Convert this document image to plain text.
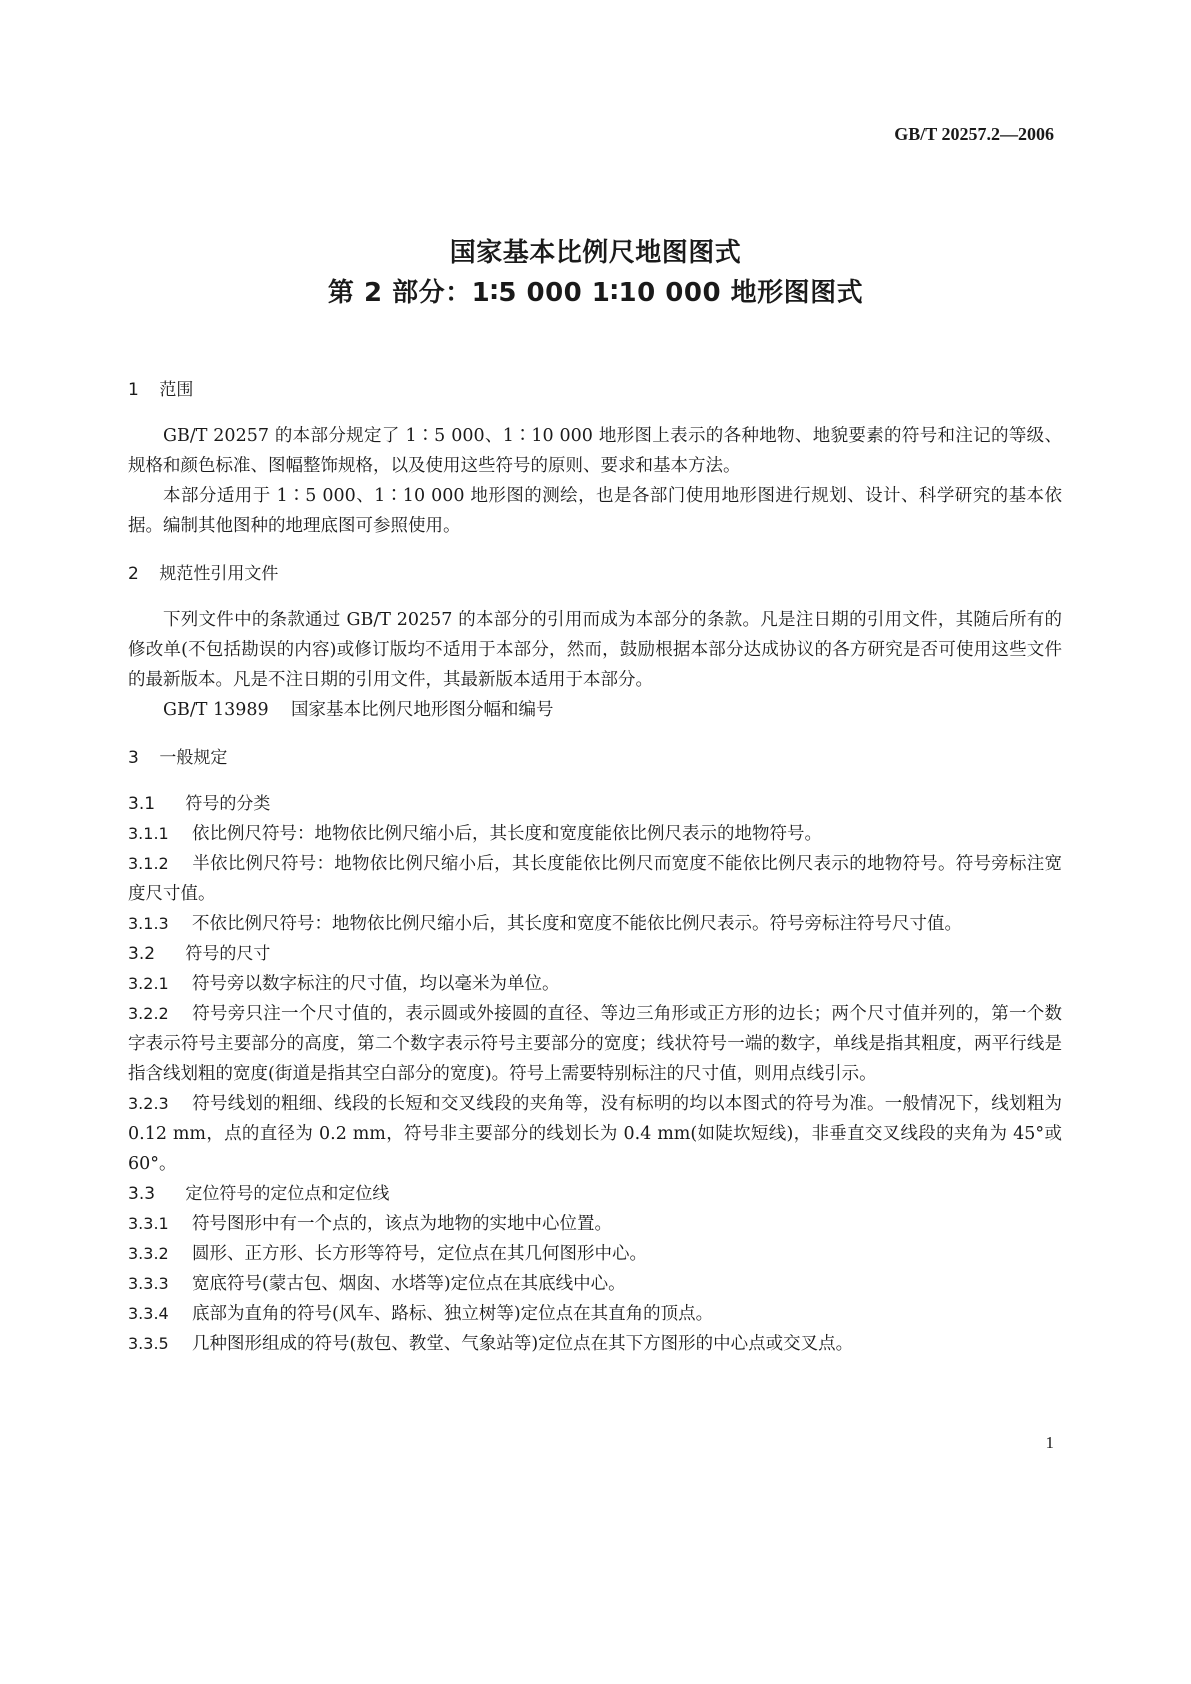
GB/T 20257.2—2006
国家基本比例尺地图图式
第 2 部分：1∶5 000 1∶10 000 地形图图式
1 范围

GB/T 20257 的本部分规定了 1∶5 000、1∶10 000 地形图上表示的各种地物、地貌要素的符号和注记的等级、规格和颜色标准、图幅整饰规格，以及使用这些符号的原则、要求和基本方法。

本部分适用于 1∶5 000、1∶10 000 地形图的测绘，也是各部门使用地形图进行规划、设计、科学研究的基本依据。编制其他图种的地理底图可参照使用。

2 规范性引用文件

下列文件中的条款通过 GB/T 20257 的本部分的引用而成为本部分的条款。凡是注日期的引用文件，其随后所有的修改单(不包括勘误的内容)或修订版均不适用于本部分，然而，鼓励根据本部分达成协议的各方研究是否可使用这些文件的最新版本。凡是不注日期的引用文件，其最新版本适用于本部分。

GB/T 13989 国家基本比例尺地形图分幅和编号

3 一般规定
3.1 符号的分类

3.1.1 依比例尺符号：地物依比例尺缩小后，其长度和宽度能依比例尺表示的地物符号。

3.1.2 半依比例尺符号：地物依比例尺缩小后，其长度能依比例尺而宽度不能依比例尺表示的地物符号。符号旁标注宽度尺寸值。

3.1.3 不依比例尺符号：地物依比例尺缩小后，其长度和宽度不能依比例尺表示。符号旁标注符号尺寸值。

3.2 符号的尺寸

3.2.1 符号旁以数字标注的尺寸值，均以毫米为单位。

3.2.2 符号旁只注一个尺寸值的，表示圆或外接圆的直径、等边三角形或正方形的边长；两个尺寸值并列的，第一个数字表示符号主要部分的高度，第二个数字表示符号主要部分的宽度；线状符号一端的数字，单线是指其粗度，两平行线是指含线划粗的宽度(街道是指其空白部分的宽度)。符号上需要特别标注的尺寸值，则用点线引示。

3.2.3 符号线划的粗细、线段的长短和交叉线段的夹角等，没有标明的均以本图式的符号为准。一般情况下，线划粗为 0.12 mm，点的直径为 0.2 mm，符号非主要部分的线划长为 0.4 mm(如陡坎短线)，非垂直交叉线段的夹角为 45°或 60°。

3.3 定位符号的定位点和定位线

3.3.1 符号图形中有一个点的，该点为地物的实地中心位置。

3.3.2 圆形、正方形、长方形等符号，定位点在其几何图形中心。

3.3.3 宽底符号(蒙古包、烟囱、水塔等)定位点在其底线中心。

3.3.4 底部为直角的符号(风车、路标、独立树等)定位点在其直角的顶点。

3.3.5 几种图形组成的符号(敖包、教堂、气象站等)定位点在其下方图形的中心点或交叉点。

1
